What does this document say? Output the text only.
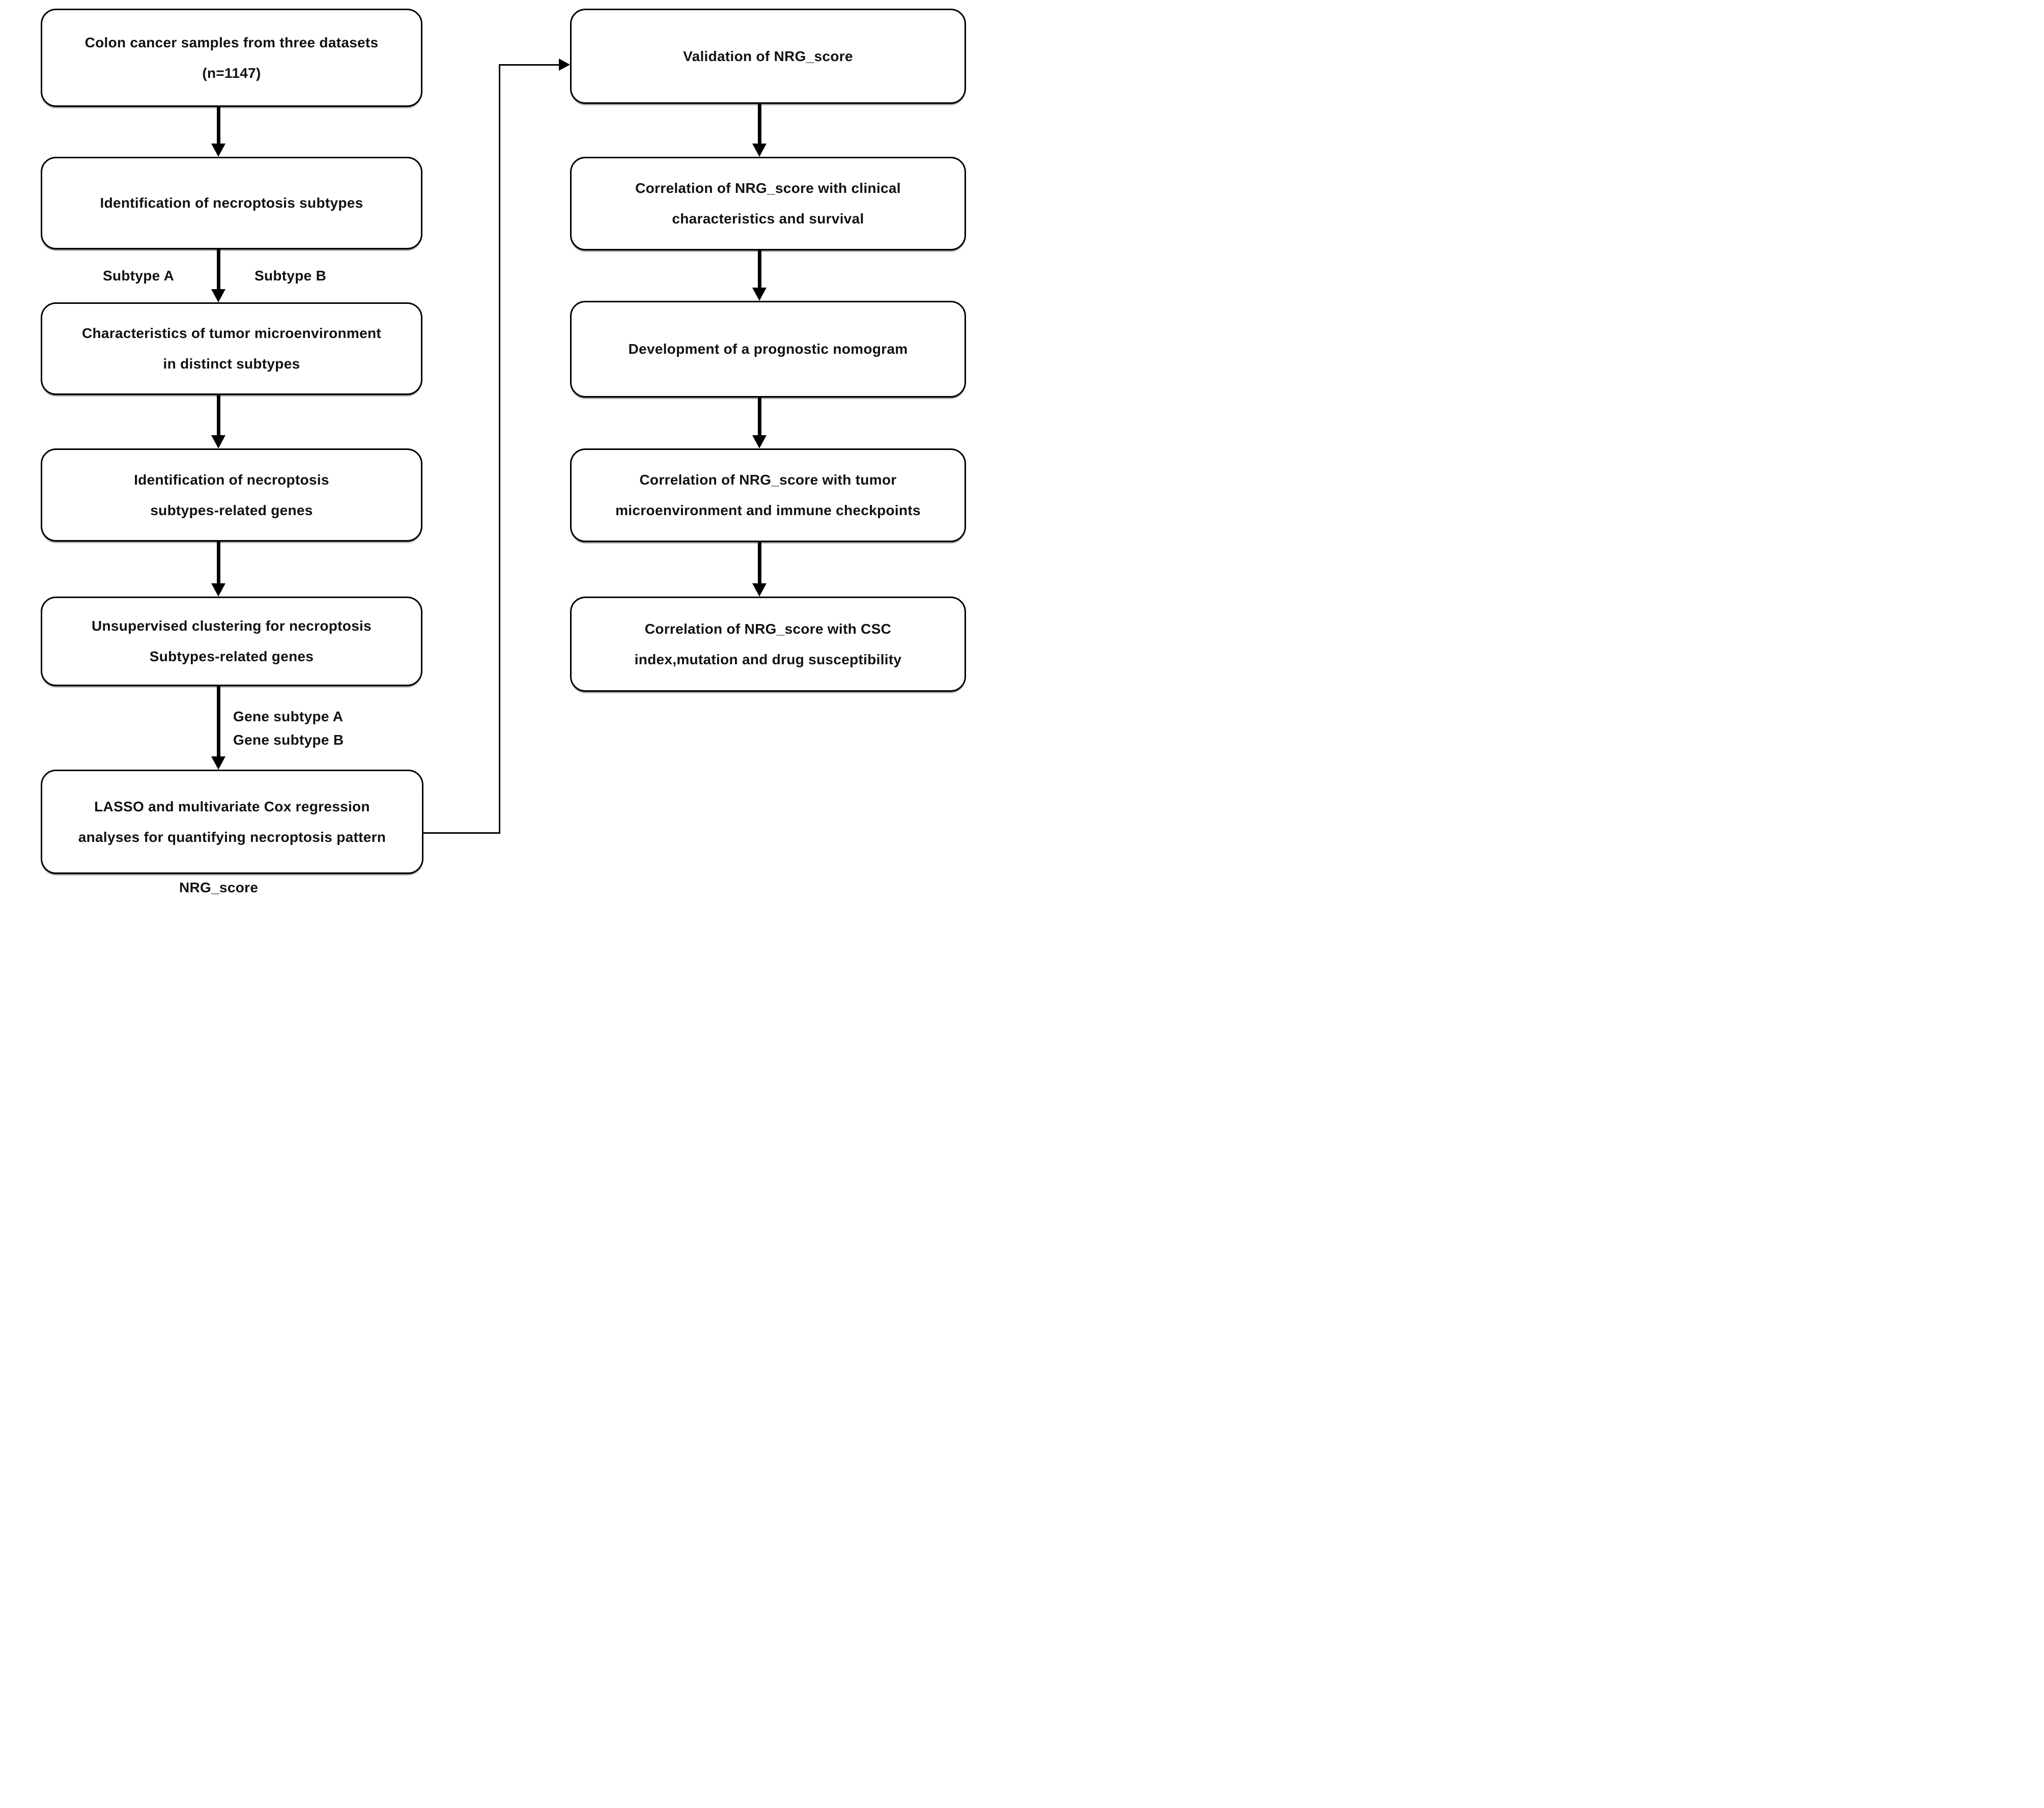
Colon cancer samples from three datasets
(n=1147)
Identification of necroptosis subtypes
Characteristics of tumor microenvironment
in distinct subtypes
Identification of necroptosis
subtypes-related genes
Unsupervised clustering for necroptosis
Subtypes-related genes
LASSO and multivariate Cox regression
analyses for quantifying necroptosis pattern
Validation of NRG_score
Correlation of NRG_score with clinical
characteristics and survival
Development of a prognostic nomogram
Correlation of NRG_score with tumor
microenvironment and immune checkpoints
Correlation of NRG_score with CSC
index,mutation and drug susceptibility
Subtype A	Subtype B
Gene subtype A
Gene subtype B
NRG_score
